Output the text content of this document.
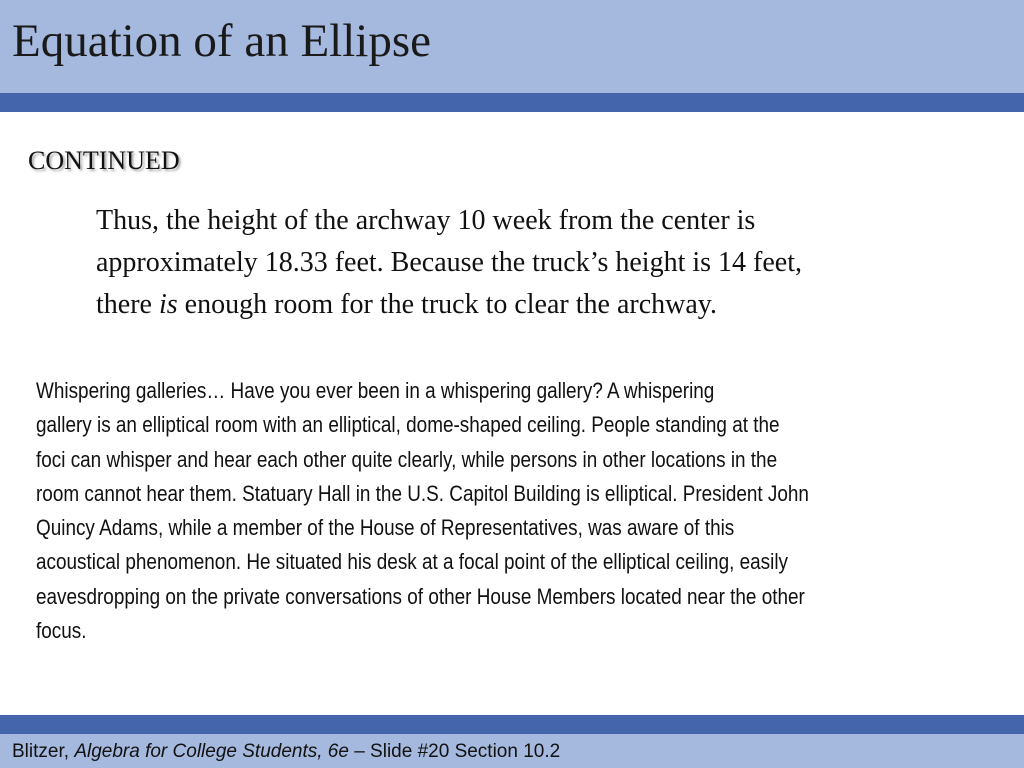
Equation of an Ellipse
CONTINUED

Thus, the height of the archway 10 week from the center is
approximately 18.33 feet. Because the truck’s height is 14 feet,
there is enough room for the truck to clear the archway.

Whispering galleries… Have you ever been in a whispering gallery? A whispering
gallery is an elliptical room with an elliptical, dome-shaped ceiling. People standing at the
foci can whisper and hear each other quite clearly, while persons in other locations in the
room cannot hear them. Statuary Hall in the U.S. Capitol Building is elliptical. President John
Quincy Adams, while a member of the House of Representatives, was aware of this
acoustical phenomenon. He situated his desk at a focal point of the elliptical ceiling, easily
eavesdropping on the private conversations of other House Members located near the other
focus.

Blitzer, Algebra for College Students, 6e – Slide #20 Section 10.2
